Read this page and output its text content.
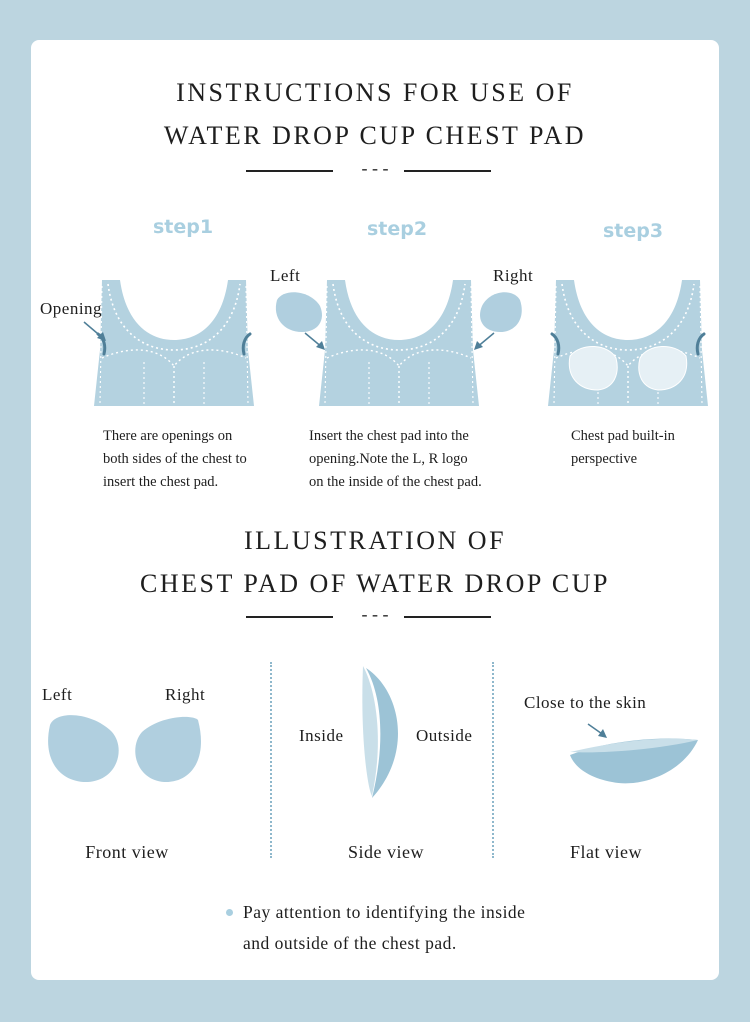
INSTRUCTIONS FOR USE OF
WATER DROP CUP CHEST PAD
- - -
step1	step2	step3
Opening
Left	Right
There are openings on
both sides of the chest to
insert the chest pad.
Insert the chest pad into the
opening.Note the L, R logo
on the inside of the chest pad.
Chest pad built-in
perspective
ILLUSTRATION OF
CHEST PAD OF WATER DROP CUP
- - -
Left	Right
Inside	Outside
Close to the skin
Front view	Side view	Flat view
Pay attention to identifying the inside
and outside of the chest pad.
